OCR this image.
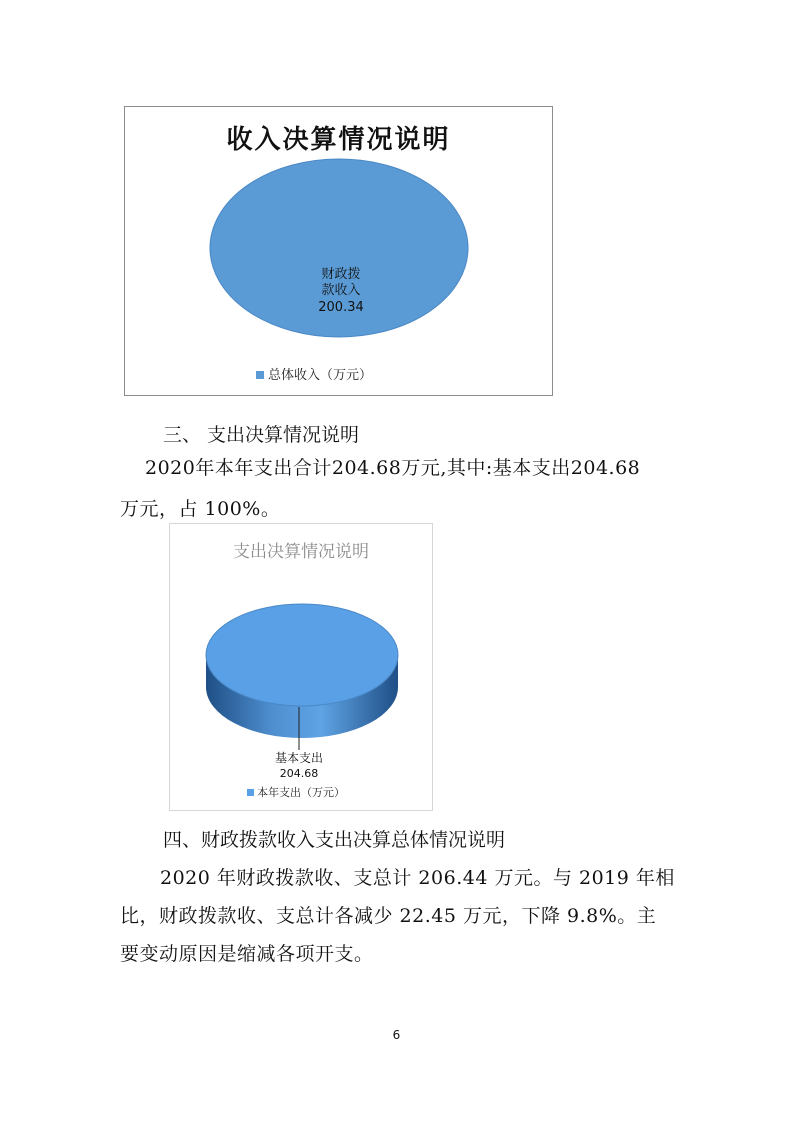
收入决算情况说明
财政拨
款收入
200.34
总体收入（万元）
三、 支出决算情况说明
2020年本年支出合计204.68万元,其中:基本支出204.68
万元，占 100%。
支出决算情况说明
基本支出
204.68
本年支出（万元）
四、财政拨款收入支出决算总体情况说明
2020 年财政拨款收、支总计 206.44 万元。与 2019 年相
比，财政拨款收、支总计各减少 22.45 万元，下降 9.8%。主
要变动原因是缩减各项开支。
6
